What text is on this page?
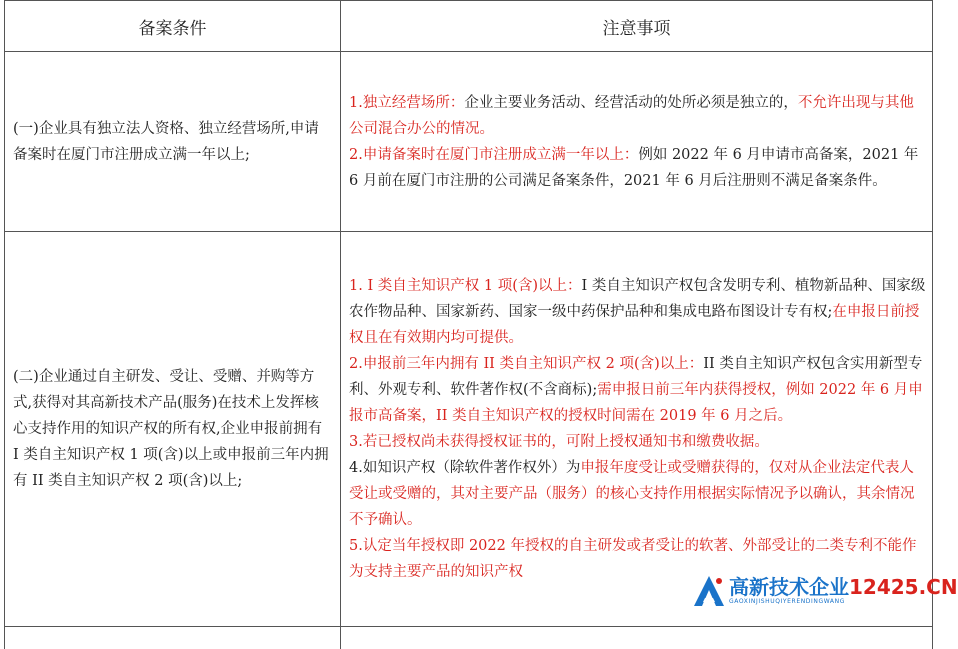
备案条件	注意事项
(一)企业具有独立法人资格、独立经营场所,申请备案时在厦门市注册成立满一年以上;	1.独立经营场所：企业主要业务活动、经营活动的处所必须是独立的，不允许出现与其他公司混合办公的情况。
2.申请备案时在厦门市注册成立满一年以上：例如 2022 年 6 月申请市高备案，2021 年 6 月前在厦门市注册的公司满足备案条件，2021 年 6 月后注册则不满足备案条件。

(二)企业通过自主研发、受让、受赠、并购等方式,获得对其高新技术产品(服务)在技术上发挥核心支持作用的知识产权的所有权,企业申报前拥有 I 类自主知识产权 1 项(含)以上或申报前三年内拥有 II 类自主知识产权 2 项(含)以上;	1. I 类自主知识产权 1 项(含)以上：I 类自主知识产权包含发明专利、植物新品种、国家级农作物品种、国家新药、国家一级中药保护品种和集成电路布图设计专有权;在申报日前授权且在有效期内均可提供。
2.申报前三年内拥有 II 类自主知识产权 2 项(含)以上：II 类自主知识产权包含实用新型专利、外观专利、软件著作权(不含商标);需申报日前三年内获得授权，例如 2022 年 6 月申报市高备案，II 类自主知识产权的授权时间需在 2019 年 6 月之后。
3.若已授权尚未获得授权证书的，可附上授权通知书和缴费收据。
4.如知识产权（除软件著作权外）为申报年度受让或受赠获得的，仅对从企业法定代表人受让或受赠的，其对主要产品（服务）的核心支持作用根据实际情况予以确认，其余情况不予确认。
5.认定当年授权即 2022 年授权的自主研发或者受让的软著、外部受让的二类专利不能作为支持主要产品的知识产权

高新技术企业12425.CN
GAOXINJISHUQIYERENDINGWANG
